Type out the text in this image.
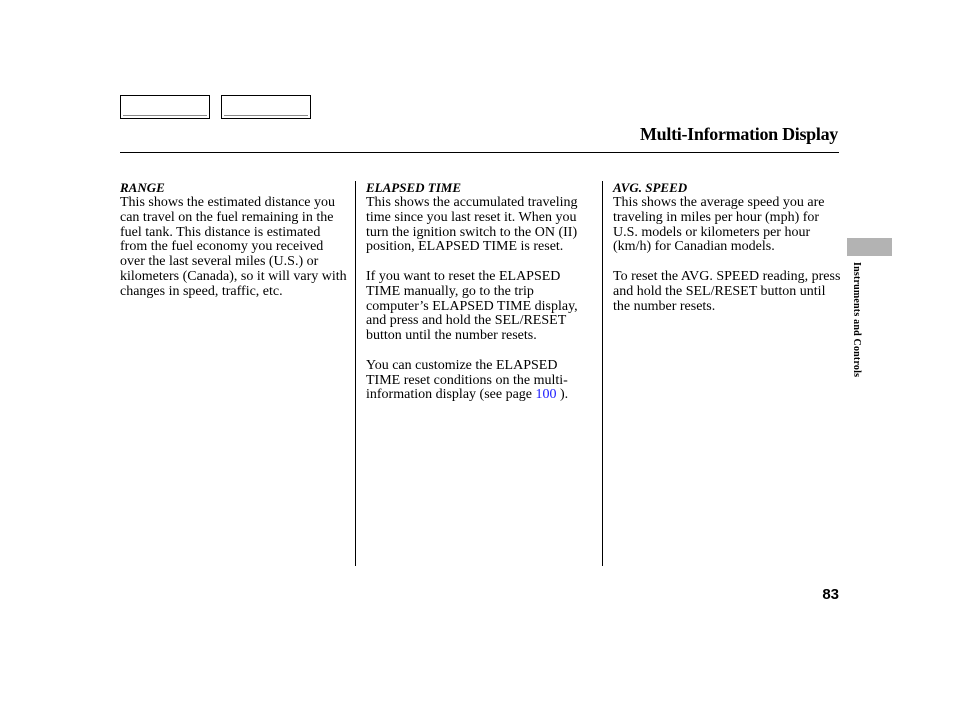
Multi-Information Display
RANGE

This shows the estimated distance you can travel on the fuel remaining in the fuel tank. This distance is estimated from the fuel economy you received over the last several miles (U.S.) or kilometers (Canada), so it will vary with changes in speed, traffic, etc.

ELAPSED TIME

This shows the accumulated traveling time since you last reset it. When you turn the ignition switch to the ON (II) position, ELAPSED TIME is reset.

If you want to reset the ELAPSED TIME manually, go to the trip computer’s ELAPSED TIME display, and press and hold the SEL/RESET button until the number resets.

You can customize the ELAPSED TIME reset conditions on the multi-information display (see page 100 ).

AVG. SPEED

This shows the average speed you are traveling in miles per hour (mph) for U.S. models or kilometers per hour (km/h) for Canadian models.

To reset the AVG. SPEED reading, press and hold the SEL/RESET button until the number resets.	Instruments and Controls
83
